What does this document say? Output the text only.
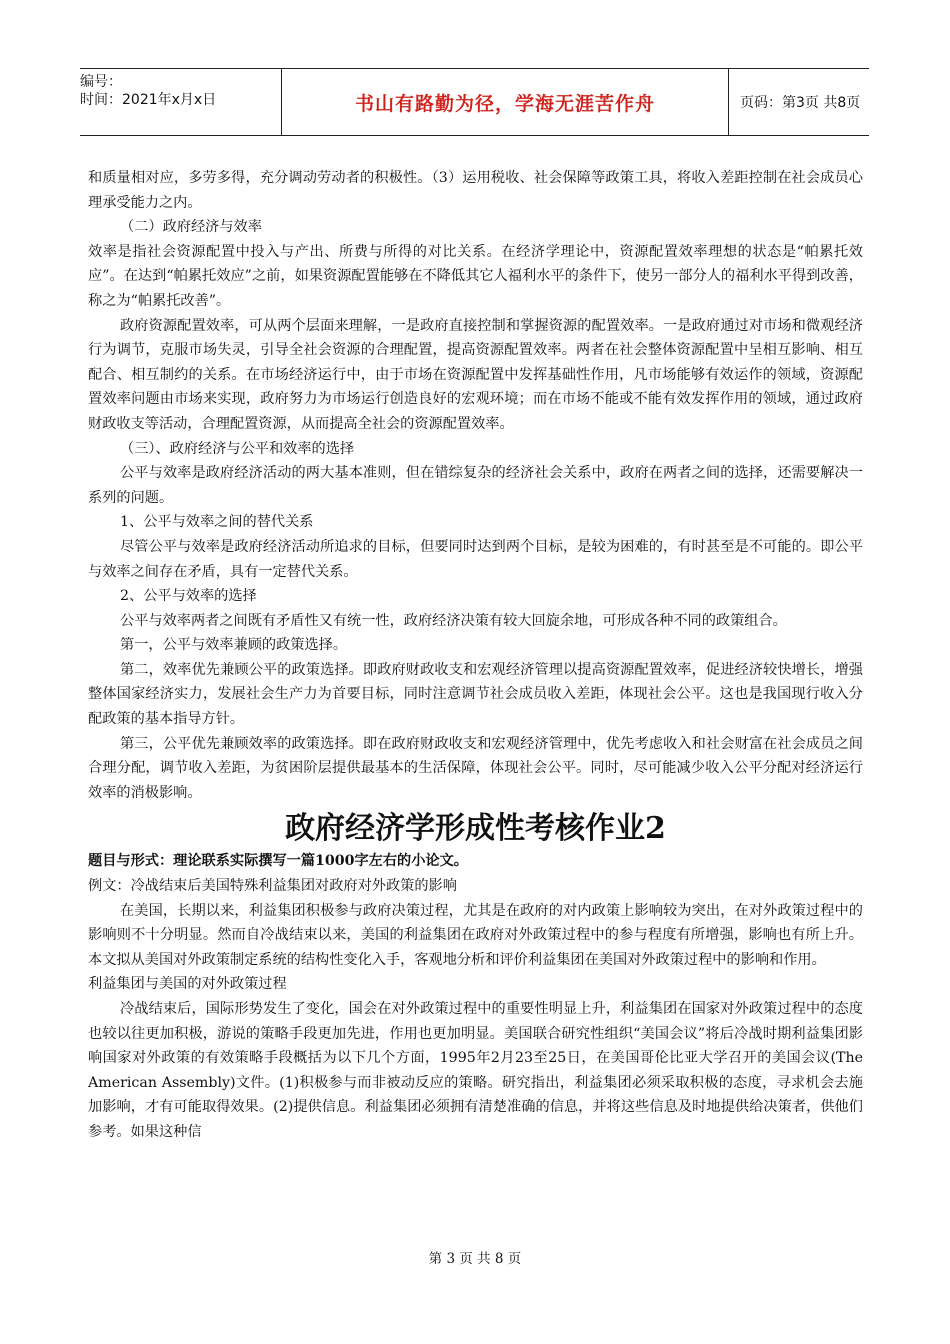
编号：
时间：2021年x月x日	书山有路勤为径，学海无涯苦作舟	页码：第3页 共8页

和质量相对应，多劳多得，充分调动劳动者的积极性。（3）运用税收、社会保障等政策工具，将收入差距控制在社会成员心理承受能力之内。

（二）政府经济与效率

效率是指社会资源配置中投入与产出、所费与所得的对比关系。在经济学理论中，资源配置效率理想的状态是“帕累托效应”。在达到“帕累托效应”之前，如果资源配置能够在不降低其它人福利水平的条件下，使另一部分人的福利水平得到改善，称之为“帕累托改善”。

政府资源配置效率，可从两个层面来理解，一是政府直接控制和掌握资源的配置效率。一是政府通过对市场和微观经济行为调节，克服市场失灵，引导全社会资源的合理配置，提高资源配置效率。两者在社会整体资源配置中呈相互影响、相互配合、相互制约的关系。在市场经济运行中，由于市场在资源配置中发挥基础性作用，凡市场能够有效运作的领域，资源配置效率问题由市场来实现，政府努力为市场运行创造良好的宏观环境；而在市场不能或不能有效发挥作用的领域，通过政府财政收支等活动，合理配置资源，从而提高全社会的资源配置效率。

（三）、政府经济与公平和效率的选择

公平与效率是政府经济活动的两大基本准则，但在错综复杂的经济社会关系中，政府在两者之间的选择，还需要解决一系列的问题。

1、公平与效率之间的替代关系

尽管公平与效率是政府经济活动所追求的目标，但要同时达到两个目标，是较为困难的，有时甚至是不可能的。即公平与效率之间存在矛盾，具有一定替代关系。

2、公平与效率的选择

公平与效率两者之间既有矛盾性又有统一性，政府经济决策有较大回旋余地，可形成各种不同的政策组合。

第一，公平与效率兼顾的政策选择。

第二，效率优先兼顾公平的政策选择。即政府财政收支和宏观经济管理以提高资源配置效率，促进经济较快增长，增强整体国家经济实力，发展社会生产力为首要目标，同时注意调节社会成员收入差距，体现社会公平。这也是我国现行收入分配政策的基本指导方针。

第三，公平优先兼顾效率的政策选择。即在政府财政收支和宏观经济管理中，优先考虑收入和社会财富在社会成员之间合理分配，调节收入差距，为贫困阶层提供最基本的生活保障，体现社会公平。同时，尽可能减少收入公平分配对经济运行效率的消极影响。

政府经济学形成性考核作业2

题目与形式：理论联系实际撰写一篇1000字左右的小论文。

例文：冷战结束后美国特殊利益集团对政府对外政策的影响

在美国，长期以来，利益集团积极参与政府决策过程，尤其是在政府的对内政策上影响较为突出，在对外政策过程中的影响则不十分明显。然而自冷战结束以来，美国的利益集团在政府对外政策过程中的参与程度有所增强，影响也有所上升。本文拟从美国对外政策制定系统的结构性变化入手，客观地分析和评价利益集团在美国对外政策过程中的影响和作用。

利益集团与美国的对外政策过程

冷战结束后，国际形势发生了变化，国会在对外政策过程中的重要性明显上升，利益集团在国家对外政策过程中的态度也较以往更加积极，游说的策略手段更加先进，作用也更加明显。美国联合研究性组织“美国会议”将后冷战时期利益集团影响国家对外政策的有效策略手段概括为以下几个方面，1995年2月23至25日，在美国哥伦比亚大学召开的美国会议(The American Assembly)文件。(1)积极参与而非被动反应的策略。研究指出，利益集团必须采取积极的态度，寻求机会去施加影响，才有可能取得效果。(2)提供信息。利益集团必须拥有清楚准确的信息，并将这些信息及时地提供给决策者，供他们参考。如果这种信

第 3 页 共 8 页
